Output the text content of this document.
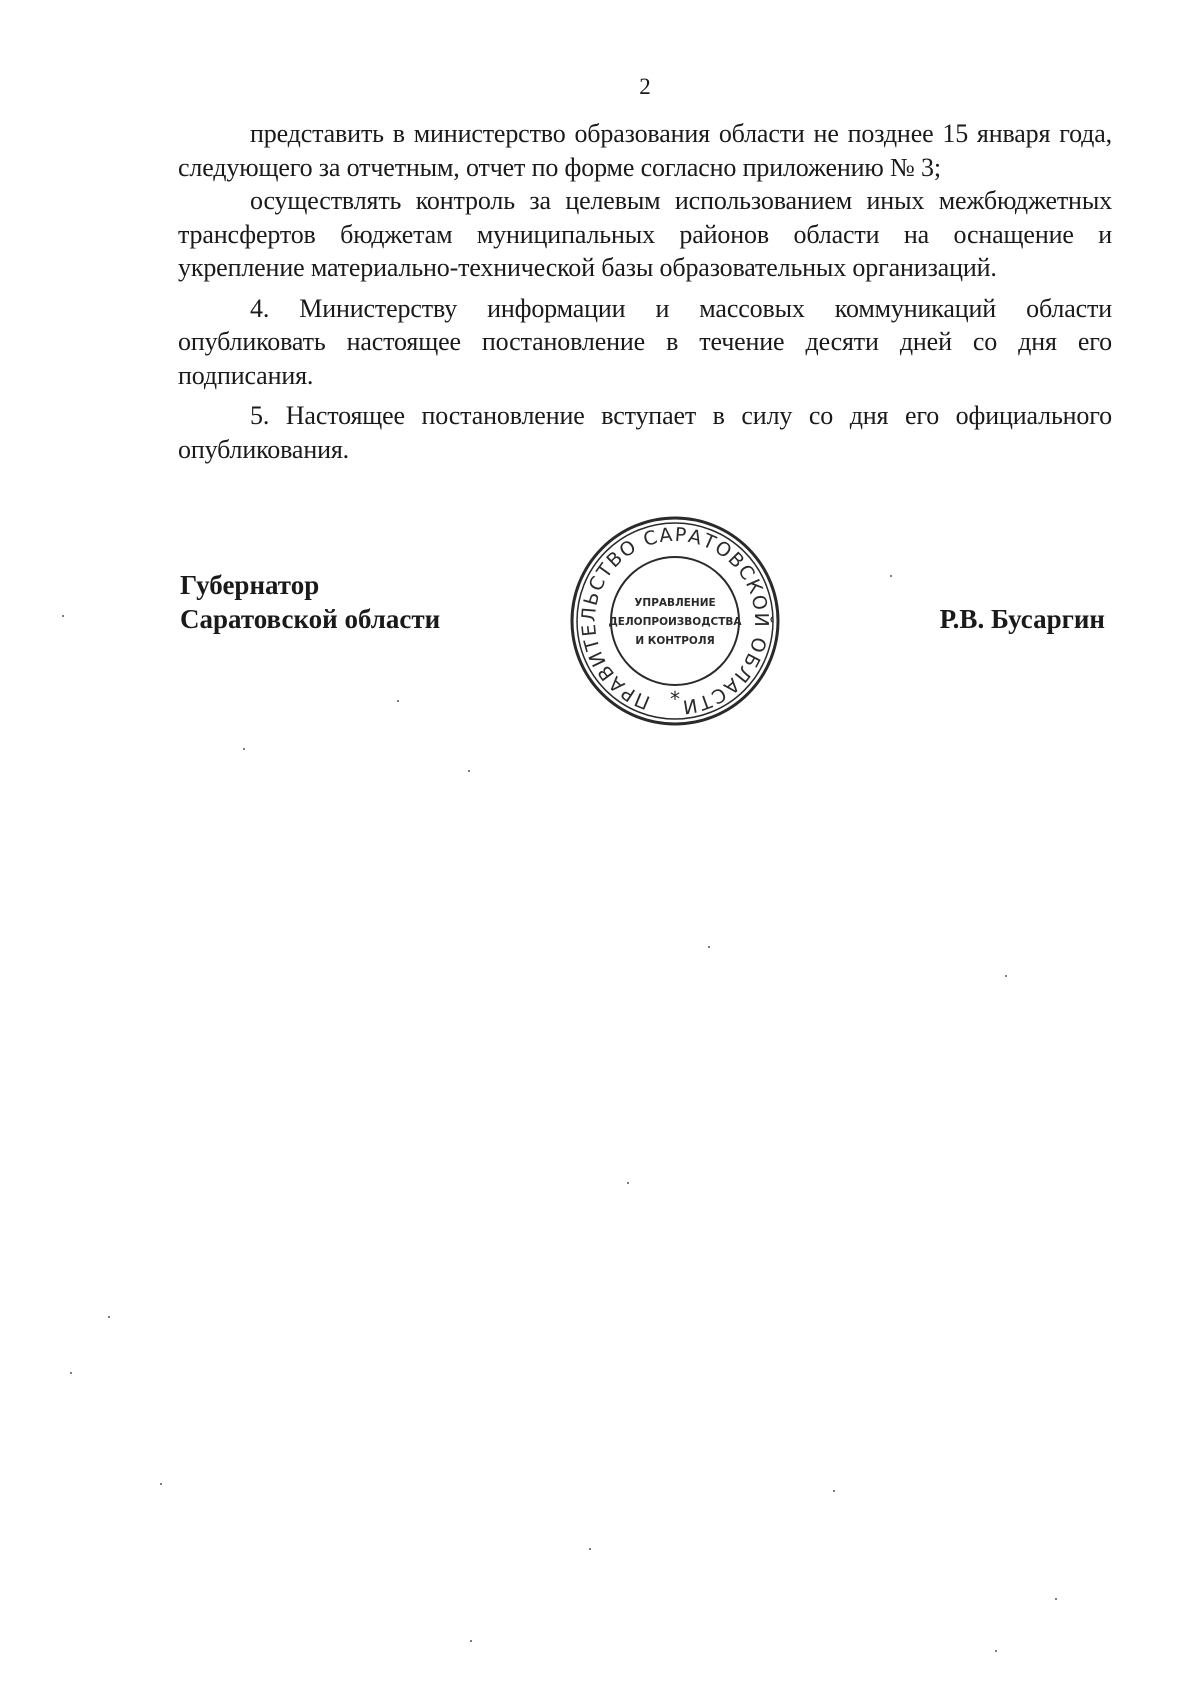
2

представить в министерство образования области не позднее 15 января года, следующего за отчетным, отчет по форме согласно приложению № 3;

осуществлять контроль за целевым использованием иных межбюджетных трансфертов бюджетам муниципальных районов области на оснащение и укрепление материально-технической базы образовательных организаций.

4. Министерству информации и массовых коммуникаций области опубликовать настоящее постановление в течение десяти дней со дня его подписания.

5. Настоящее постановление вступает в силу со дня его официального опубликования.

Губернатор
Саратовской области	Р.В. Бусаргин
ПРАВИТЕЛЬСТВО САРАТОВСКОЙ ОБЛАСТИ
*
УПРАВЛЕНИЕ
ДЕЛОПРОИЗВОДСТВА
И КОНТРОЛЯ
